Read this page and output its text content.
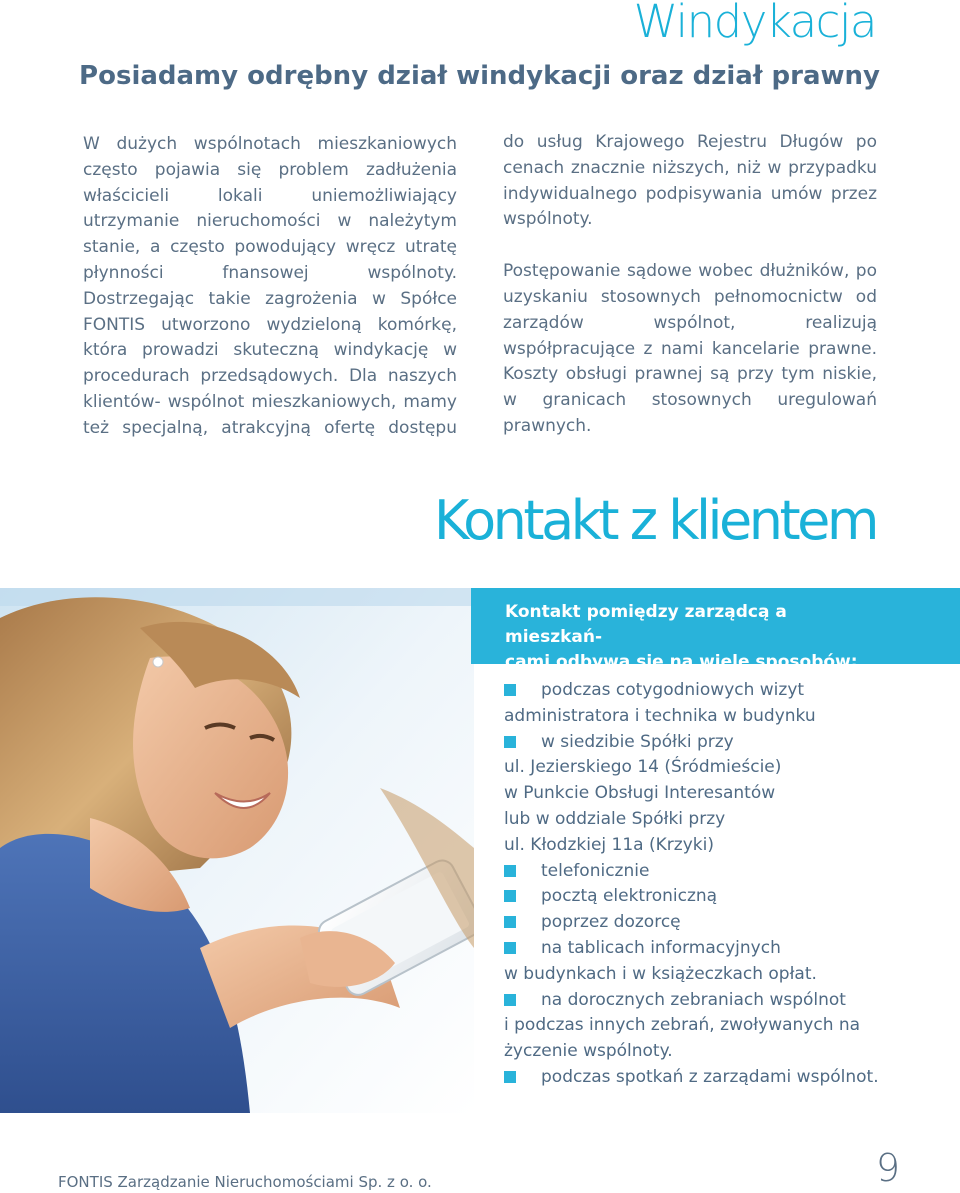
Windykacja
Posiadamy odrębny dział windykacji oraz dział prawny

W dużych wspólnotach mieszkaniowych często pojawia się problem zadłużenia właścicieli lokali uniemożliwiający utrzymanie nieruchomości w należytym stanie, a często powodujący wręcz utratę płynności fnansowej wspólnoty. Dostrzegając takie zagrożenia w Spółce FONTIS utworzono wydzieloną komórkę, która prowadzi skuteczną windykację w procedurach przedsądowych. Dla naszych klientów- wspólnot mieszkaniowych, mamy też specjalną, atrakcyjną ofertę dostępu

do usług Krajowego Rejestru Długów po cenach znacznie niższych, niż w przypadku indywidualnego podpisywania umów przez wspólnoty.

Postępowanie sądowe wobec dłużników, po uzyskaniu stosownych pełnomocnictw od zarządów wspólnot, realizują współpracujące z nami kancelarie prawne. Koszty obsługi prawnej są przy tym niskie, w granicach stosownych uregulowań prawnych.

Kontakt z klientem
Kontakt pomiędzy zarządcą a mieszkań-
cami odbywa się na wiele sposobów:
podczas cotygodniowych wizyt
administratora i technika w budynku
w siedzibie Spółki przy
ul. Jezierskiego 14 (Śródmieście)
w Punkcie Obsługi Interesantów
lub w oddziale Spółki przy
ul. Kłodzkiej 11a (Krzyki)
telefonicznie
pocztą elektroniczną
poprzez dozorcę
na tablicach informacyjnych
w budynkach i w książeczkach opłat.
na dorocznych zebraniach wspólnot
i podczas innych zebrań, zwoływanych na
życzenie wspólnoty.
podczas spotkań z zarządami wspólnot.
FONTIS Zarządzanie Nieruchomościami Sp. z o. o.	9
